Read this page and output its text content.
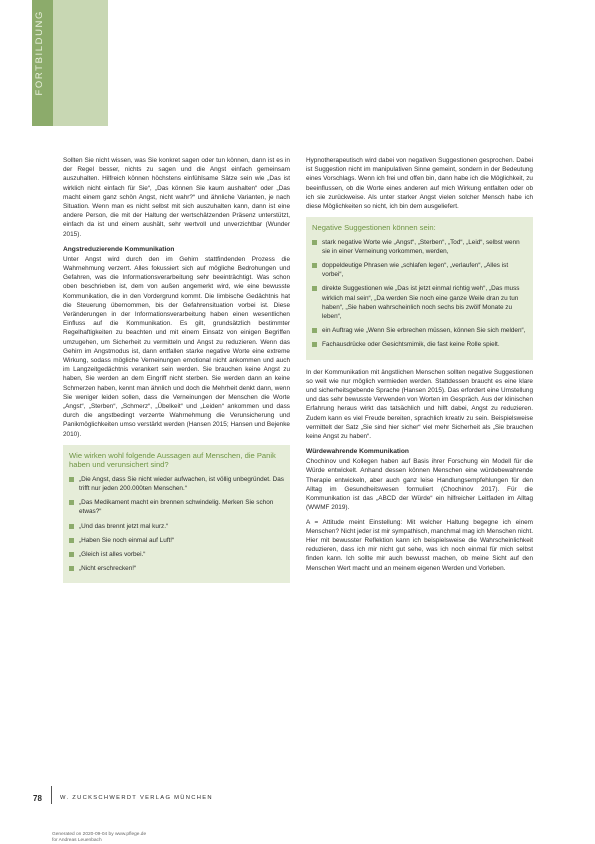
FORTBILDUNG

Sollten Sie nicht wissen, was Sie konkret sagen oder tun können, dann ist es in der Regel besser, nichts zu sagen und die Angst einfach gemeinsam auszuhalten. Hilfreich können höchstens einfühlsame Sätze sein wie „Das ist wirklich nicht einfach für Sie“, „Das können Sie kaum aushalten“ oder „Das macht einem ganz schön Angst, nicht wahr?“ und ähnliche Varianten, je nach Situation. Wenn man es nicht selbst mit sich auszuhalten kann, dann ist eine andere Person, die mit der Haltung der wertschätzenden Präsenz unterstützt, einfach da ist und einem aushält, sehr wertvoll und unverzichtbar (Wunder 2015).

Angstreduzierende Kommunikation

Unter Angst wird durch den im Gehirn stattfindenden Prozess die Wahrnehmung verzerrt. Alles fokussiert sich auf mögliche Bedrohungen und Gefahren, was die Informationsverarbeitung sehr beeinträchtigt. Was schon oben beschrieben ist, dem von außen angemerkt wird, wie eine bewusste Kommunikation, die in den Vordergrund kommt. Die limbische Gedächtnis hat die Steuerung übernommen, bis der Gefahrensituation vorbei ist. Diese Veränderungen in der Informationsverarbeitung haben einen wesentlichen Einfluss auf die Kommunikation. Es gilt, grundsätzlich bestimmter Regelhaftigkeiten zu beachten und mit einem Einsatz von einigen Begriffen umzugehen, um Sicherheit zu vermitteln und Angst zu reduzieren. Wenn das Gehirn im Angstmodus ist, dann entfallen starke negative Worte eine extreme Wirkung, sodass mögliche Verneinungen emotional nicht ankommen und auch im Langzeitgedächtnis verankert sein werden. Sie brauchen keine Angst zu haben, Sie werden an dem Eingriff nicht sterben. Sie werden dann an keine Schmerzen haben, kennt man ähnlich und doch die Mehrheit denkt dann, wenn Sie weniger leiden sollen, dass die Verneinungen der Menschen die Worte „Angst“, „Sterben“, „Schmerz“, „Übelkeit“ und „Leiden“ ankommen und dass durch die angstbedingt verzerrte Wahrnehmung die Verunsicherung und Panikmöglichkeiten umso verstärkt werden (Hansen 2015; Hansen und Bejenke 2010).

Wie wirken wohl folgende Aussagen auf Menschen, die Panik haben und verunsichert sind?
„Die Angst, dass Sie nicht wieder aufwachen, ist völlig unbegründet. Das trifft nur jeden 200.000ten Menschen.“
„Das Medikament macht ein brennen schwindelig. Merken Sie schon etwas?“
„Und das brennt jetzt mal kurz.“
„Haben Sie noch einmal auf Luft!“
„Gleich ist alles vorbei.“
„Nicht erschrecken!“

Hypnotherapeutisch wird dabei von negativen Suggestionen gesprochen. Dabei ist Suggestion nicht im manipulativen Sinne gemeint, sondern in der Bedeutung eines Vorschlags. Wenn ich frei und offen bin, dann habe ich die Möglichkeit, zu beeinflussen, ob die Worte eines anderen auf mich Wirkung entfalten oder ob ich sie zurückweise. Als unter starker Angst vielen solcher Mensch habe ich diese Möglichkeiten so nicht, ich bin dem ausgeliefert.

Negative Suggestionen können sein:
stark negative Worte wie „Angst“, „Sterben“, „Tod“, „Leid“, selbst wenn sie in einer Verneinung vorkommen, werden,
doppeldeutige Phrasen wie „schlafen legen“, „verlaufen“, „Alles ist vorbei“,
direkte Suggestionen wie „Das ist jetzt einmal richtig weh“, „Das muss wirklich mal sein“, „Da werden Sie noch eine ganze Weile dran zu tun haben“, „Sie haben wahrscheinlich noch sechs bis zwölf Monate zu leben“,
ein Auftrag wie „Wenn Sie erbrechen müssen, können Sie sich melden“,
Fachausdrücke oder Gesichtsmimik, die fast keine Rolle spielt.

In der Kommunikation mit ängstlichen Menschen sollten negative Suggestionen so weit wie nur möglich vermieden werden. Stattdessen braucht es eine klare und sicherheitsgebende Sprache (Hansen 2015). Das erfordert eine Umstellung und das sehr bewusste Verwenden von Worten im Gespräch. Aus der klinischen Erfahrung heraus wirkt das tatsächlich und hilft dabei, Angst zu reduzieren. Zudem kann es viel Freude bereiten, sprachlich kreativ zu sein. Beispielsweise vermittelt der Satz „Sie sind hier sicher“ viel mehr Sicherheit als „Sie brauchen keine Angst zu haben“.

Würdewahrende Kommunikation

Chochinov und Kollegen haben auf Basis ihrer Forschung ein Modell für die Würde entwickelt. Anhand dessen können Menschen eine würdebewahrende Therapie entwickeln, aber auch ganz leise Handlungsempfehlungen für den Alltag im Gesundheitswesen formuliert (Chochinov 2017). Für die Kommunikation ist das „ABCD der Würde“ ein hilfreicher Leitfaden im Alltag (WWMF 2019).

A = Attitude meint Einstellung: Mit welcher Haltung begegne ich einem Menschen? Nicht jeder ist mir sympathisch, manchmal mag ich Menschen nicht. Hier mit bewusster Reflektion kann ich beispielsweise die Wahrscheinlichkeit reduzieren, dass ich mir nicht gut sehe, was ich noch einmal für mich selbst finden kann. Ich sollte mir auch bewusst machen, ob meine Sicht auf den Menschen Wert macht und an meinem eigenen Werden und Vorleben.

78	W. ZUCKSCHWERDT VERLAG MÜNCHEN
Generated on 2020-09-04 by www.pflege.de
for Andreas Leuenbach
